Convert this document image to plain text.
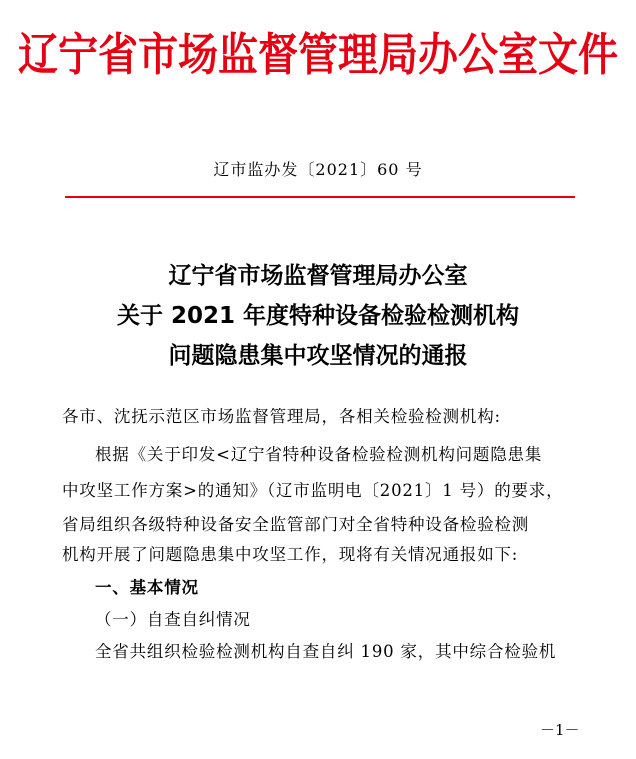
辽宁省市场监督管理局办公室文件
辽市监办发〔2021〕60 号
辽宁省市场监督管理局办公室
关于 2021 年度特种设备检验检测机构
问题隐患集中攻坚情况的通报
各市、沈抚示范区市场监督管理局，各相关检验检测机构:
根据《关于印发<辽宁省特种设备检验检测机构问题隐患集
中攻坚工作方案>的通知》（辽市监明电〔2021〕1 号）的要求，
省局组织各级特种设备安全监管部门对全省特种设备检验检测
机构开展了问题隐患集中攻坚工作，现将有关情况通报如下:
一、基本情况
（一）自查自纠情况
全省共组织检验检测机构自查自纠 190 家，其中综合检验机
－1－
